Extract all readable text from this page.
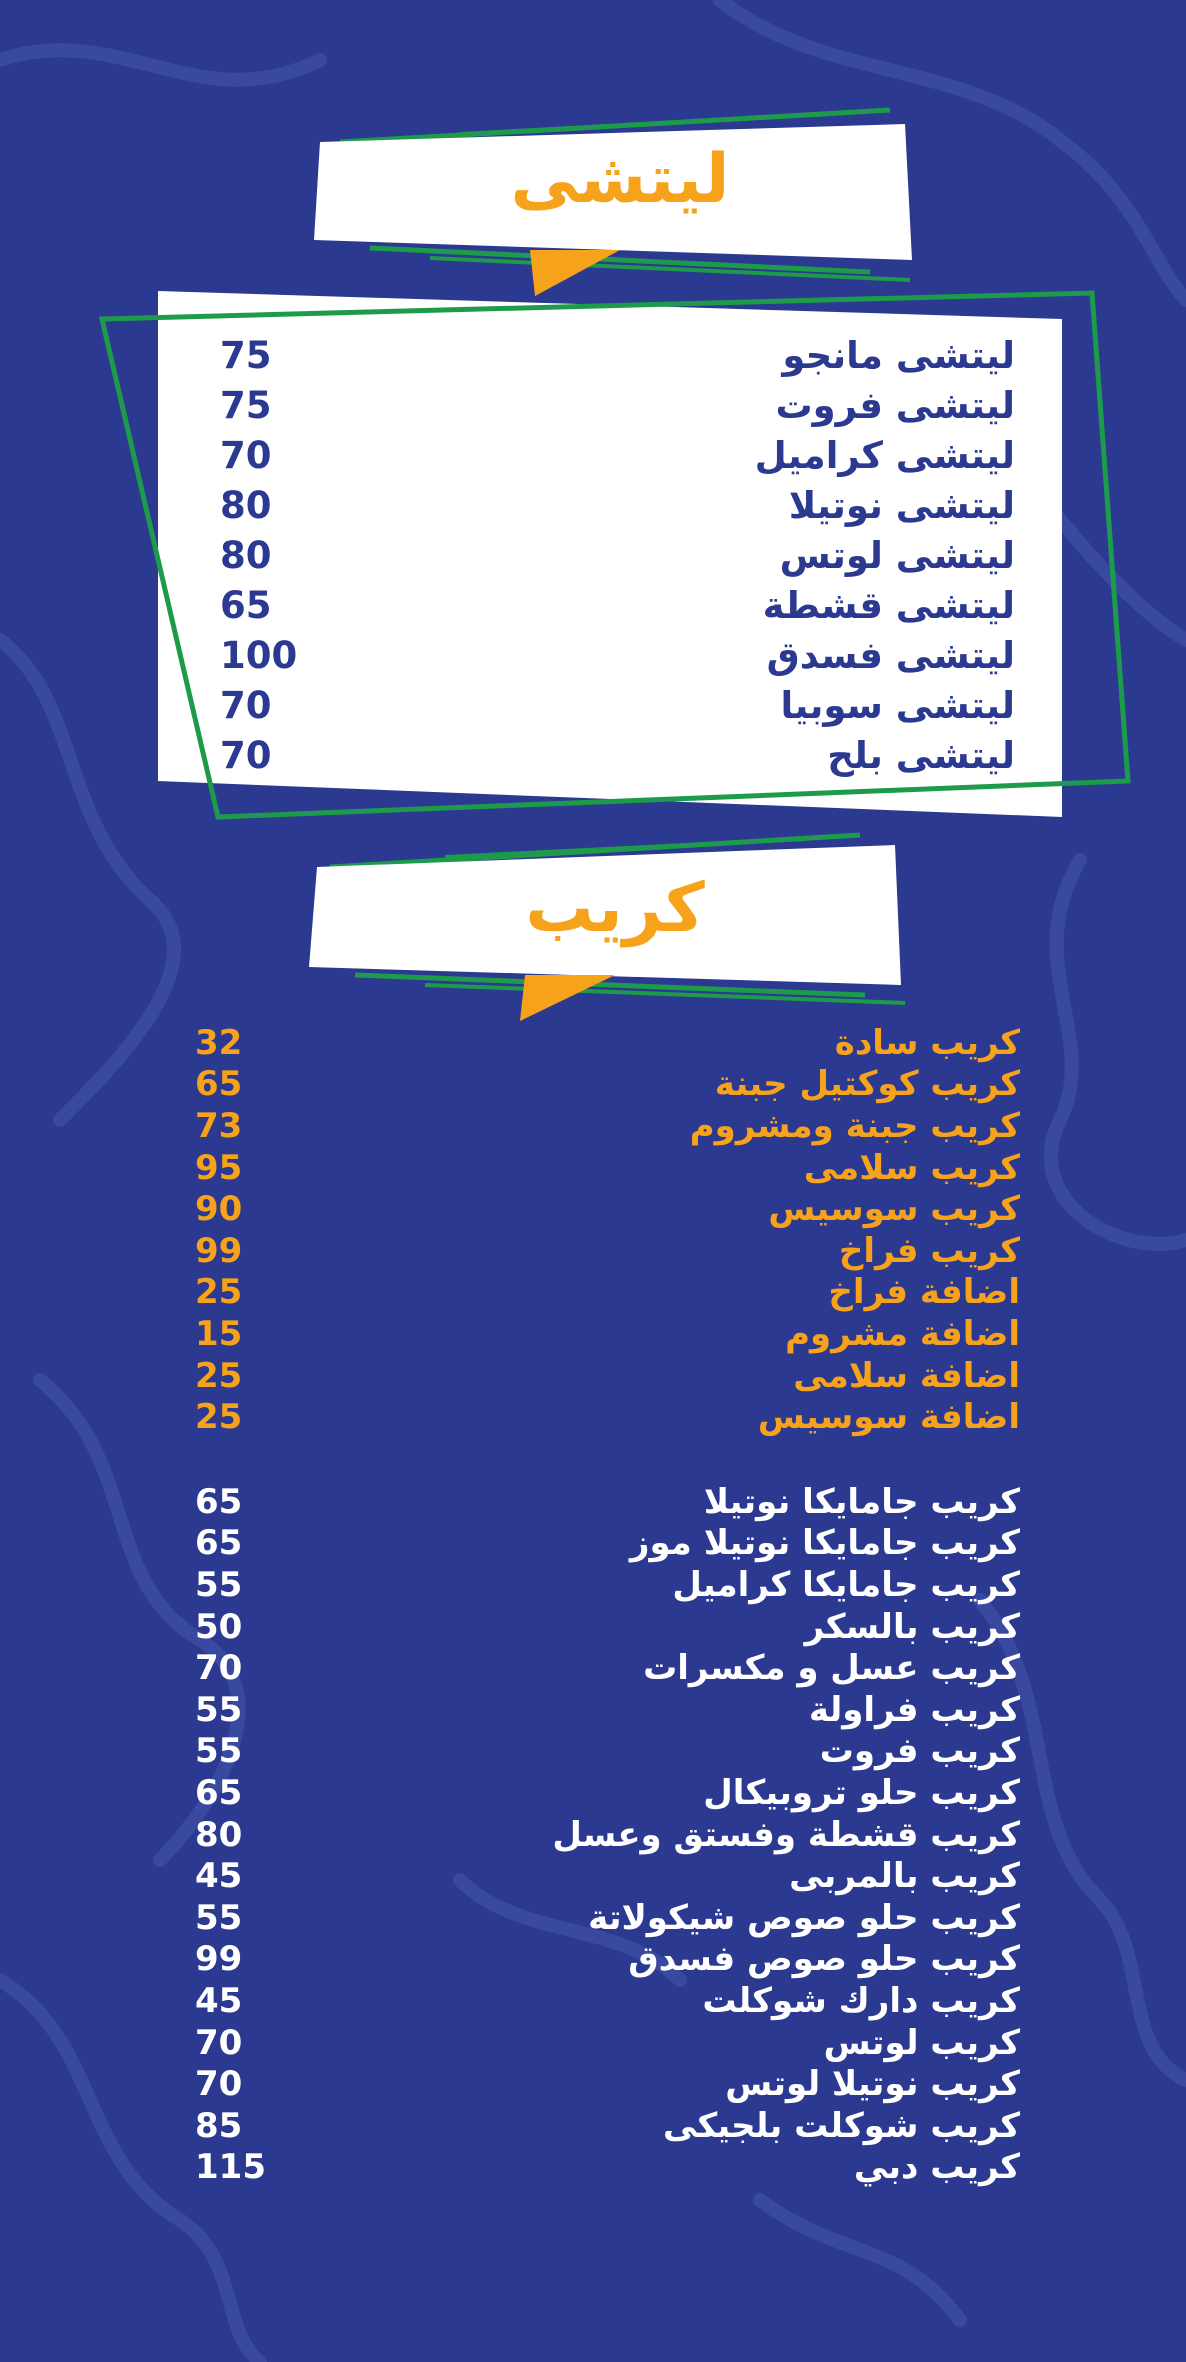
ليتشى
ليتشى مانجو
75
ليتشى فروت
75
ليتشى كراميل
70
ليتشى نوتيلا
80
ليتشى لوتس
80
ليتشى قشطة
65
ليتشى فسدق
100
ليتشى سوبيا
70
ليتشى بلح
70
كريب
كريب سادة
32
كريب كوكتيل جبنة
65
كريب جبنة ومشروم
73
كريب سلامى
95
كريب سوسيس
90
كريب فراخ
99
اضافة فراخ
25
اضافة مشروم
15
اضافة سلامى
25
اضافة سوسيس
25
كريب جامايكا نوتيلا
65
كريب جامايكا نوتيلا موز
65
كريب جامايكا كراميل
55
كريب بالسكر
50
كريب عسل و مكسرات
70
كريب فراولة
55
كريب فروت
55
كريب حلو تروبيكال
65
كريب قشطة وفستق وعسل
80
كريب بالمربى
45
كريب حلو صوص شيكولاتة
55
كريب حلو صوص فسدق
99
كريب دارك شوكلت
45
كريب لوتس
70
كريب نوتيلا لوتس
70
كريب شوكلت بلجيكى
85
كريب دبي
115
